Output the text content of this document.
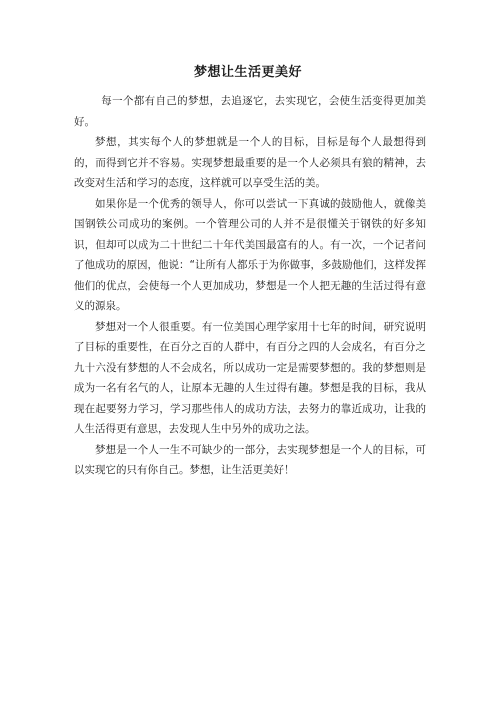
梦想让生活更美好

每一个都有自己的梦想，去追逐它，去实现它，会使生活变得更加美好。

梦想，其实每个人的梦想就是一个人的目标，目标是每个人最想得到的，而得到它并不容易。实现梦想最重要的是一个人必须具有狼的精神，去改变对生活和学习的态度，这样就可以享受生活的美。

如果你是一个优秀的领导人，你可以尝试一下真诚的鼓励他人，就像美国钢铁公司成功的案例。一个管理公司的人并不是很懂关于钢铁的好多知识，但却可以成为二十世纪二十年代美国最富有的人。有一次，一个记者问了他成功的原因，他说：“让所有人都乐于为你做事，多鼓励他们，这样发挥他们的优点，会使每一个人更加成功，梦想是一个人把无趣的生活过得有意义的源泉。

梦想对一个人很重要。有一位美国心理学家用十七年的时间，研究说明了目标的重要性，在百分之百的人群中，有百分之四的人会成名，有百分之九十六没有梦想的人不会成名，所以成功一定是需要梦想的。我的梦想则是成为一名有名气的人，让原本无趣的人生过得有趣。梦想是我的目标，我从现在起要努力学习，学习那些伟人的成功方法，去努力的靠近成功，让我的人生活得更有意思，去发现人生中另外的成功之法。

梦想是一个人一生不可缺少的一部分，去实现梦想是一个人的目标，可以实现它的只有你自己。梦想，让生活更美好！
